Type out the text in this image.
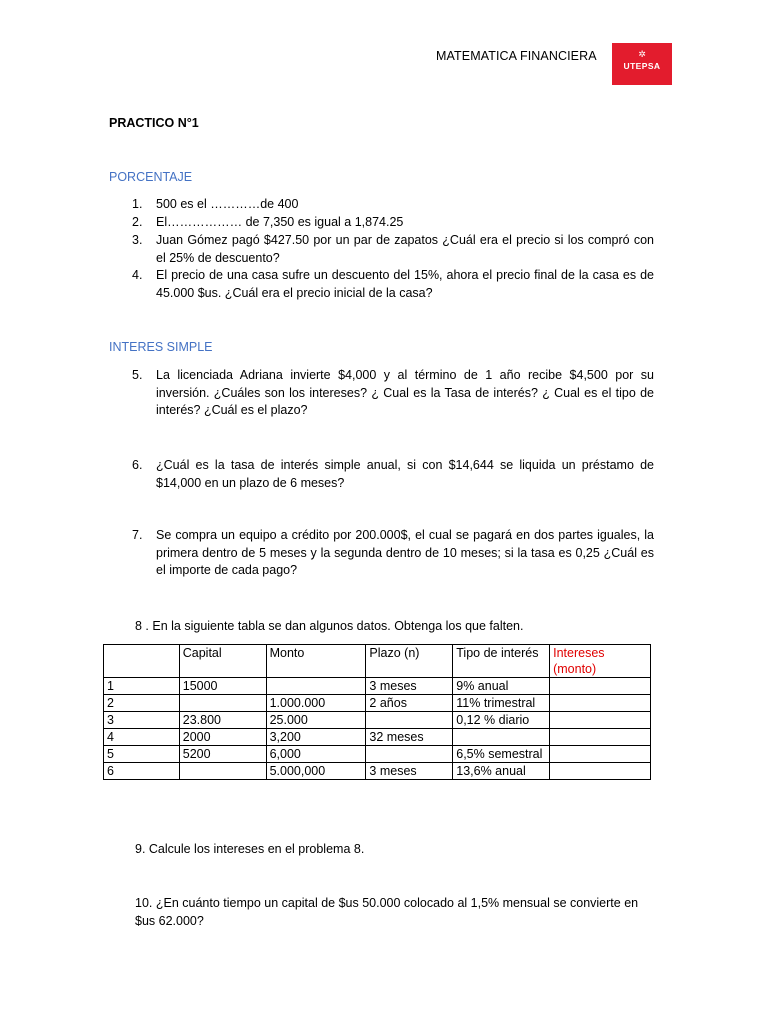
MATEMATICA FINANCIERA	✲
UTEPSA
PRACTICO N°1
PORCENTAJE
1. 500 es el …………de 400
2. El……………… de 7,350 es igual a 1,874.25
3. Juan Gómez pagó $427.50 por un par de zapatos ¿Cuál era el precio si los compró con el 25% de descuento?
4. El precio de una casa sufre un descuento del 15%, ahora el precio final de la casa es de 45.000 $us. ¿Cuál era el precio inicial de la casa?
INTERES SIMPLE
5. La licenciada Adriana invierte $4,000 y al término de 1 año recibe $4,500 por su inversión. ¿Cuáles son los intereses? ¿ Cual es la Tasa de interés? ¿ Cual es el tipo de interés? ¿Cuál es el plazo?
6. ¿Cuál es la tasa de interés simple anual, si con $14,644 se liquida un préstamo de $14,000 en un plazo de 6 meses?
7. Se compra un equipo a crédito por 200.000$, el cual se pagará en dos partes iguales, la primera dentro de 5 meses y la segunda dentro de 10 meses; si la tasa es 0,25 ¿Cuál es el importe de cada pago?
8 . En la siguiente tabla se dan algunos datos. Obtenga los que falten.
	Capital	Monto	Plazo (n)	Tipo de interés	Intereses (monto)
1	15000		3 meses	9% anual	
2		1.000.000	2 años	11% trimestral	
3	23.800	25.000		0,12 % diario	
4	2000	3,200	32 meses		
5	5200	6,000		6,5% semestral	
6		5.000,000	3 meses	13,6% anual	
9. Calcule los intereses en el problema 8.
10. ¿En cuánto tiempo un capital de $us 50.000 colocado al 1,5% mensual se convierte en $us 62.000?
